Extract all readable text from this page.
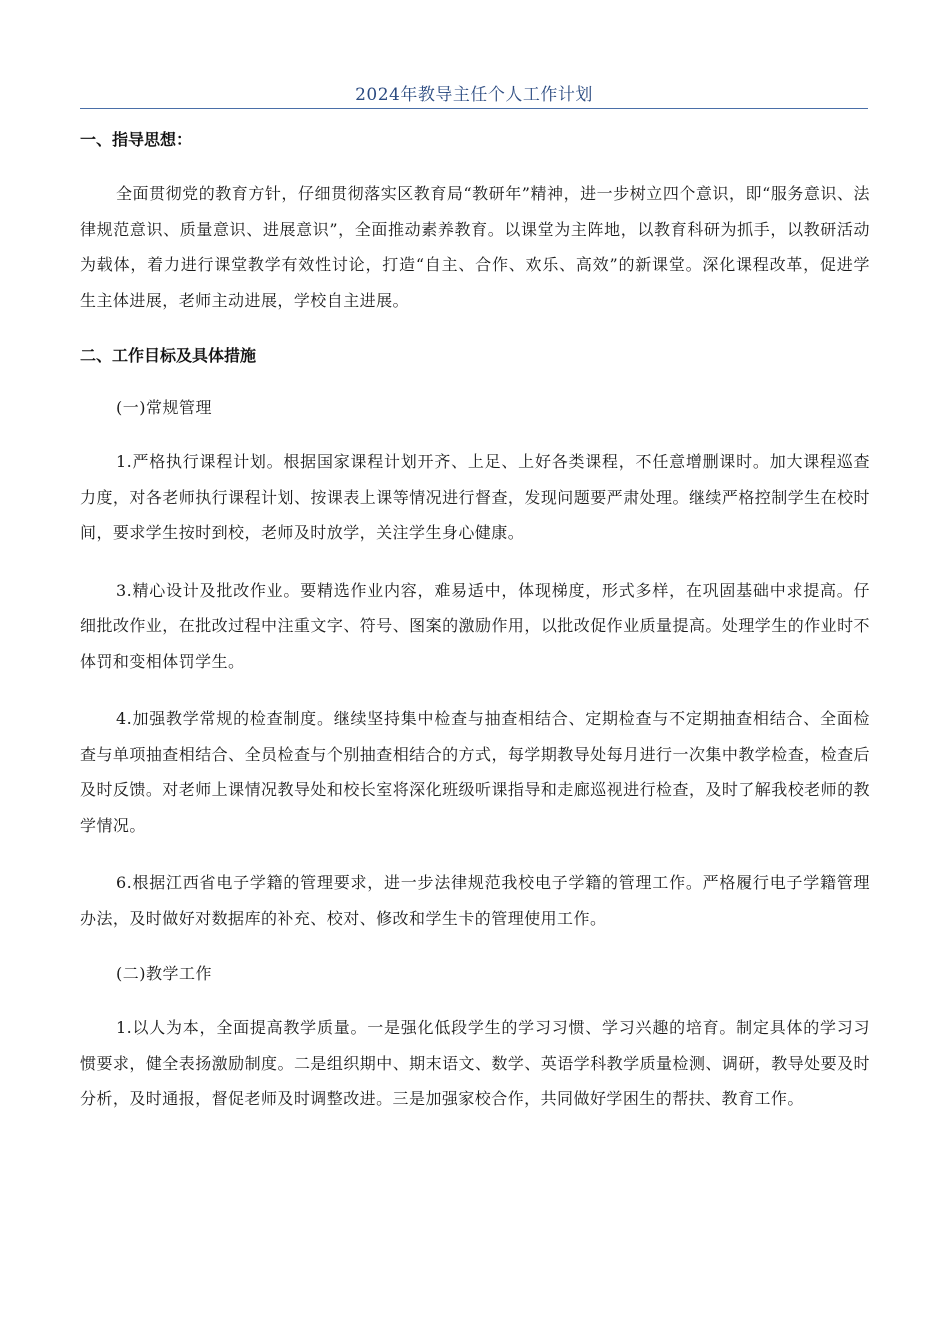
2024年教导主任个人工作计划

一、指导思想：

全面贯彻党的教育方针，仔细贯彻落实区教育局“教研年”精神，进一步树立四个意识，即“服务意识、法律规范意识、质量意识、进展意识”，全面推动素养教育。以课堂为主阵地，以教育科研为抓手，以教研活动为载体，着力进行课堂教学有效性讨论，打造“自主、合作、欢乐、高效”的新课堂。深化课程改革，促进学生主体进展，老师主动进展，学校自主进展。

二、工作目标及具体措施

(一)常规管理

1.严格执行课程计划。根据国家课程计划开齐、上足、上好各类课程，不任意增删课时。加大课程巡查力度，对各老师执行课程计划、按课表上课等情况进行督查，发现问题要严肃处理。继续严格控制学生在校时间，要求学生按时到校，老师及时放学，关注学生身心健康。

3.精心设计及批改作业。要精选作业内容，难易适中，体现梯度，形式多样，在巩固基础中求提高。仔细批改作业，在批改过程中注重文字、符号、图案的激励作用，以批改促作业质量提高。处理学生的作业时不体罚和变相体罚学生。

4.加强教学常规的检查制度。继续坚持集中检查与抽查相结合、定期检查与不定期抽查相结合、全面检查与单项抽查相结合、全员检查与个别抽查相结合的方式，每学期教导处每月进行一次集中教学检查，检查后及时反馈。对老师上课情况教导处和校长室将深化班级听课指导和走廊巡视进行检查，及时了解我校老师的教学情况。

6.根据江西省电子学籍的管理要求，进一步法律规范我校电子学籍的管理工作。严格履行电子学籍管理办法，及时做好对数据库的补充、校对、修改和学生卡的管理使用工作。

(二)教学工作

1.以人为本，全面提高教学质量。一是强化低段学生的学习习惯、学习兴趣的培育。制定具体的学习习惯要求，健全表扬激励制度。二是组织期中、期末语文、数学、英语学科教学质量检测、调研，教导处要及时分析，及时通报，督促老师及时调整改进。三是加强家校合作，共同做好学困生的帮扶、教育工作。
